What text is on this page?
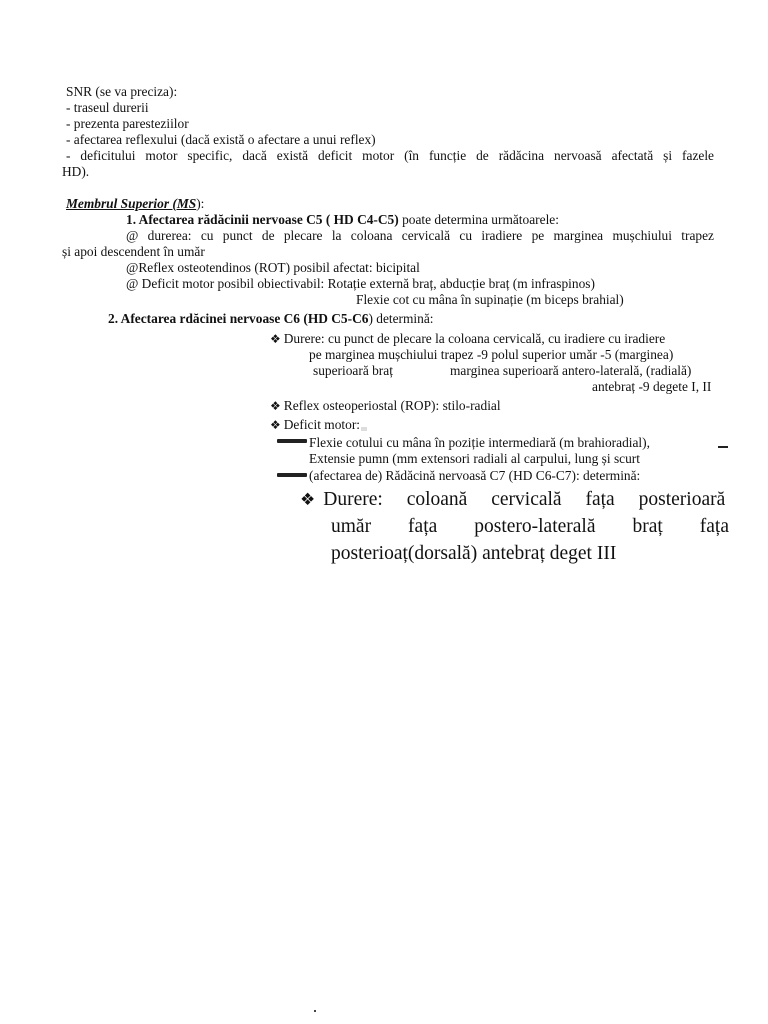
SNR (se va preciza):
- traseul durerii
- prezenta paresteziilor
- afectarea reflexului (dacă există o afectare a unui reflex)
- deficitului motor specific, dacă există deficit motor (în funcție de rădăcina nervoasă afectată și fazele
HD).
Membrul Superior (MS):
1. Afectarea rădăcinii nervoase C5 ( HD C4-C5) poate determina următoarele:
@ durerea: cu punct de plecare la coloana cervicală cu iradiere pe marginea mușchiului trapez
și apoi descendent în umăr
@Reflex osteotendinos (ROT) posibil afectat: bicipital
@ Deficit motor posibil obiectivabil: Rotație externă braț, abducție braț (m infraspinos)
Flexie cot cu mâna în supinație (m biceps brahial)
2. Afectarea rdăcinei nervoase C6 (HD C5-C6) determină:
❖ Durere: cu punct de plecare la coloana cervicală, cu iradiere cu iradiere
pe marginea mușchiului trapez -9 polul superior umăr -5 (marginea)
superioară braț	marginea superioară antero-laterală, (radială)
antebraț -9 degete I, II
❖ Reflex osteoperiostal (ROP): stilo-radial
❖ Deficit motor:
Flexie cotului cu mâna în poziție intermediară (m brahioradial),
Extensie pumn (mm extensori radiali al carpului, lung și scurt
(afectarea de) Rădăcină nervoasă C7 (HD C6-C7): determină:
❖ Durere: coloană cervicală fața posterioară
umăr fața postero-laterală braț fața
posterioaț(dorsală) antebraț deget III
